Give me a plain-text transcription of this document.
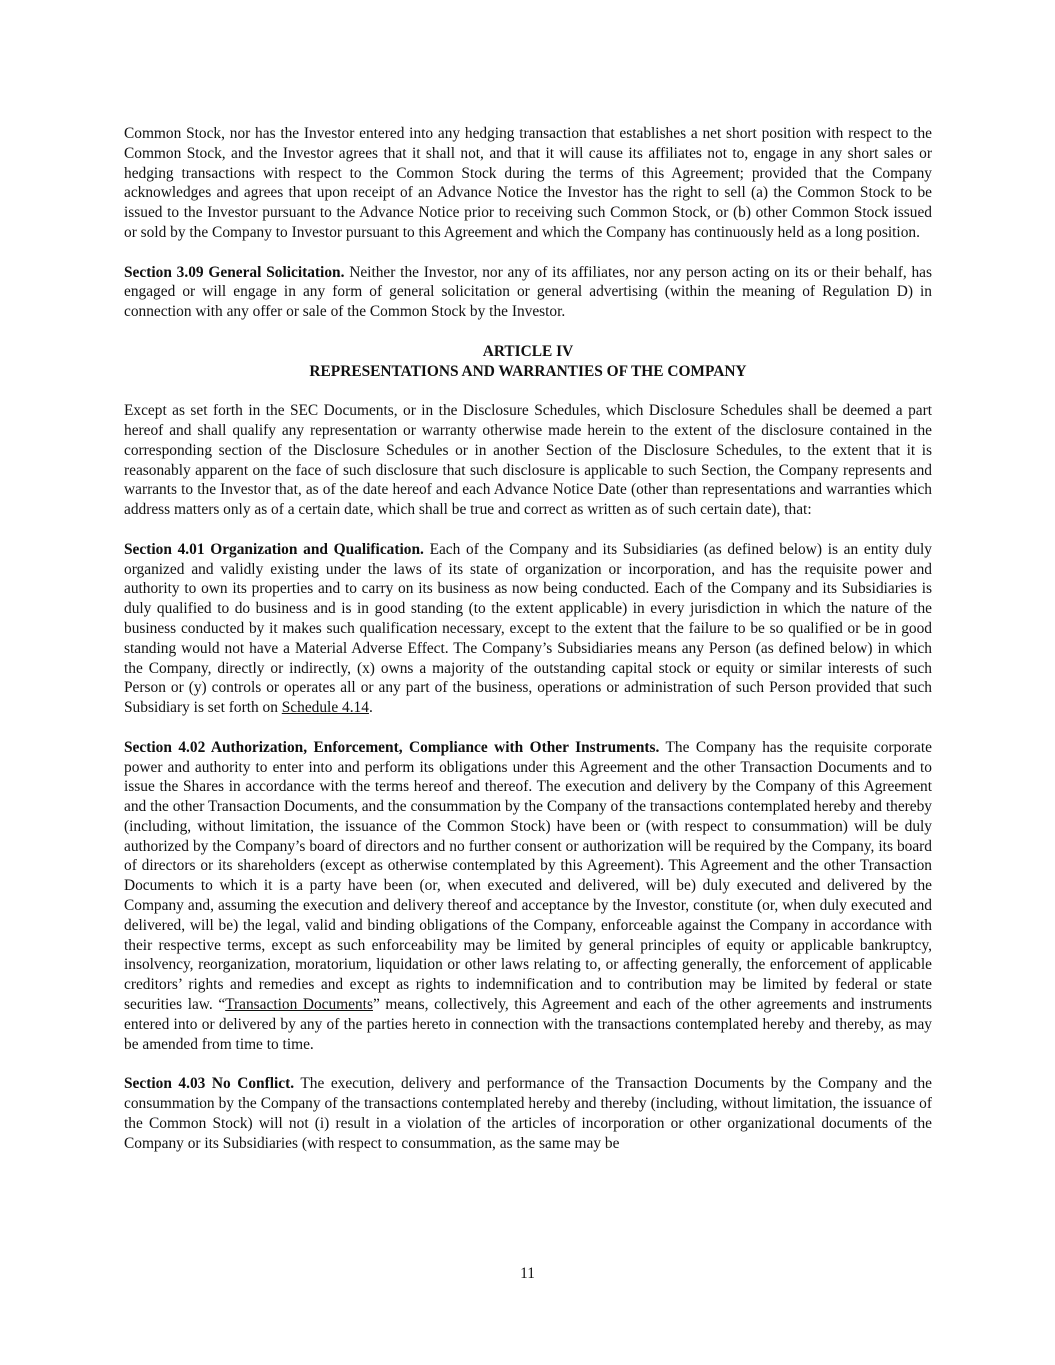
Common Stock, nor has the Investor entered into any hedging transaction that establishes a net short position with respect to the Common Stock, and the Investor agrees that it shall not, and that it will cause its affiliates not to, engage in any short sales or hedging transactions with respect to the Common Stock during the terms of this Agreement; provided that the Company acknowledges and agrees that upon receipt of an Advance Notice the Investor has the right to sell (a) the Common Stock to be issued to the Investor pursuant to the Advance Notice prior to receiving such Common Stock, or (b) other Common Stock issued or sold by the Company to Investor pursuant to this Agreement and which the Company has continuously held as a long position.

Section 3.09 General Solicitation. Neither the Investor, nor any of its affiliates, nor any person acting on its or their behalf, has engaged or will engage in any form of general solicitation or general advertising (within the meaning of Regulation D) in connection with any offer or sale of the Common Stock by the Investor.

ARTICLE IV
REPRESENTATIONS AND WARRANTIES OF THE COMPANY

Except as set forth in the SEC Documents, or in the Disclosure Schedules, which Disclosure Schedules shall be deemed a part hereof and shall qualify any representation or warranty otherwise made herein to the extent of the disclosure contained in the corresponding section of the Disclosure Schedules or in another Section of the Disclosure Schedules, to the extent that it is reasonably apparent on the face of such disclosure that such disclosure is applicable to such Section, the Company represents and warrants to the Investor that, as of the date hereof and each Advance Notice Date (other than representations and warranties which address matters only as of a certain date, which shall be true and correct as written as of such certain date), that:

Section 4.01 Organization and Qualification. Each of the Company and its Subsidiaries (as defined below) is an entity duly organized and validly existing under the laws of its state of organization or incorporation, and has the requisite power and authority to own its properties and to carry on its business as now being conducted. Each of the Company and its Subsidiaries is duly qualified to do business and is in good standing (to the extent applicable) in every jurisdiction in which the nature of the business conducted by it makes such qualification necessary, except to the extent that the failure to be so qualified or be in good standing would not have a Material Adverse Effect. The Company’s Subsidiaries means any Person (as defined below) in which the Company, directly or indirectly, (x) owns a majority of the outstanding capital stock or equity or similar interests of such Person or (y) controls or operates all or any part of the business, operations or administration of such Person provided that such Subsidiary is set forth on Schedule 4.14.

Section 4.02 Authorization, Enforcement, Compliance with Other Instruments. The Company has the requisite corporate power and authority to enter into and perform its obligations under this Agreement and the other Transaction Documents and to issue the Shares in accordance with the terms hereof and thereof. The execution and delivery by the Company of this Agreement and the other Transaction Documents, and the consummation by the Company of the transactions contemplated hereby and thereby (including, without limitation, the issuance of the Common Stock) have been or (with respect to consummation) will be duly authorized by the Company’s board of directors and no further consent or authorization will be required by the Company, its board of directors or its shareholders (except as otherwise contemplated by this Agreement). This Agreement and the other Transaction Documents to which it is a party have been (or, when executed and delivered, will be) duly executed and delivered by the Company and, assuming the execution and delivery thereof and acceptance by the Investor, constitute (or, when duly executed and delivered, will be) the legal, valid and binding obligations of the Company, enforceable against the Company in accordance with their respective terms, except as such enforceability may be limited by general principles of equity or applicable bankruptcy, insolvency, reorganization, moratorium, liquidation or other laws relating to, or affecting generally, the enforcement of applicable creditors’ rights and remedies and except as rights to indemnification and to contribution may be limited by federal or state securities law. “Transaction Documents” means, collectively, this Agreement and each of the other agreements and instruments entered into or delivered by any of the parties hereto in connection with the transactions contemplated hereby and thereby, as may be amended from time to time.

Section 4.03 No Conflict. The execution, delivery and performance of the Transaction Documents by the Company and the consummation by the Company of the transactions contemplated hereby and thereby (including, without limitation, the issuance of the Common Stock) will not (i) result in a violation of the articles of incorporation or other organizational documents of the Company or its Subsidiaries (with respect to consummation, as the same may be

11
